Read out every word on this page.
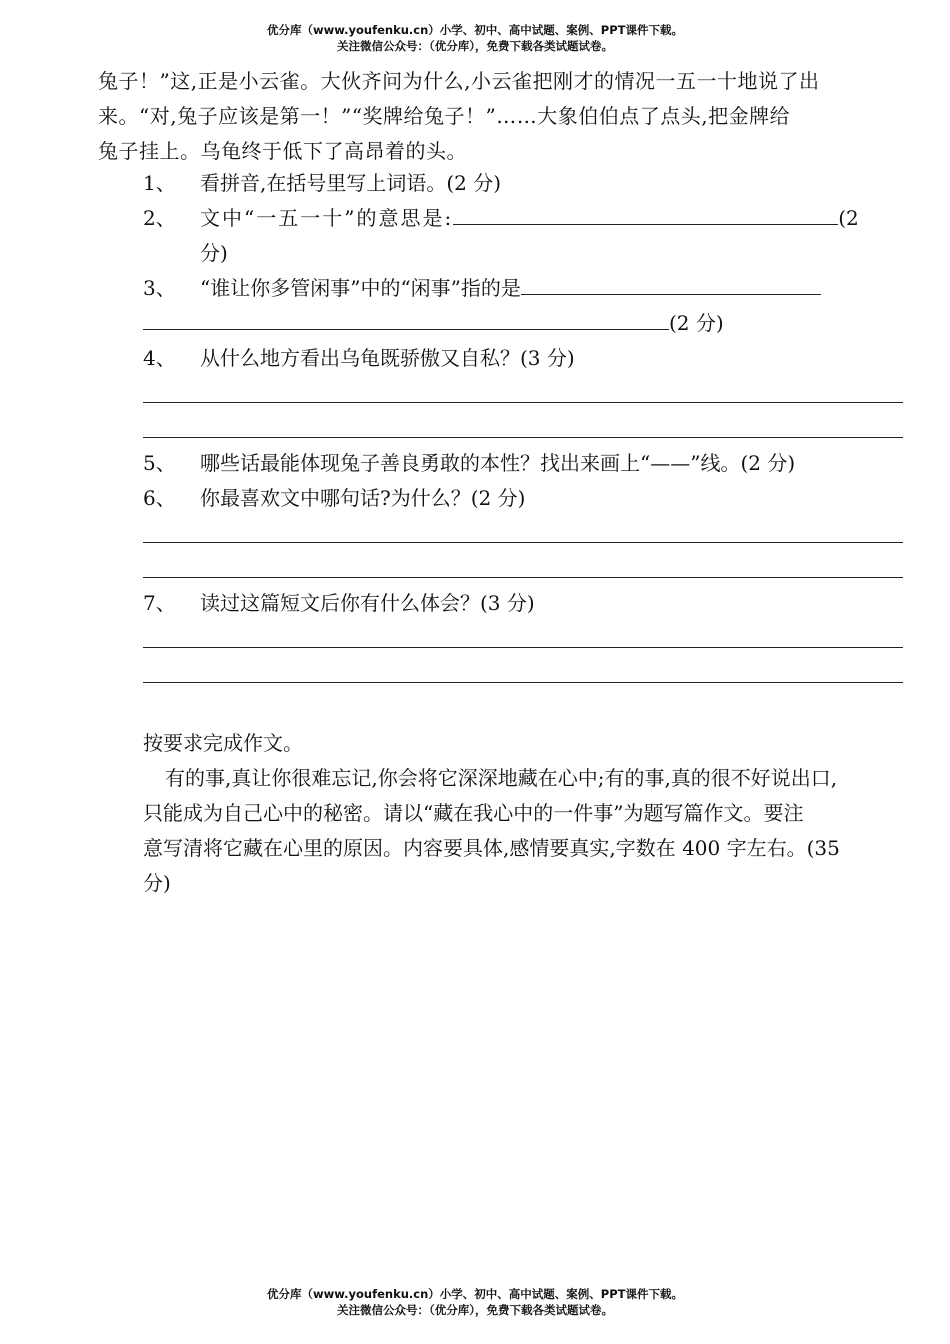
优分库（www.youfenku.cn）小学、初中、高中试题、案例、PPT课件下载。
关注微信公众号：（优分库），免费下载各类试题试卷。

兔子！”这,正是小云雀。大伙齐问为什么,小云雀把刚才的情况一五一十地说了出

来。“对,兔子应该是第一！”“奖牌给兔子！”……大象伯伯点了点头,把金牌给

兔子挂上。乌龟终于低下了高昂着的头。

1、 看拼音,在括号里写上词语。(2 分)
2、 文中“一五一十”的意思是:	(2
分)
3、 “谁让你多管闲事”中的“闲事”指的是
(2 分)
4、 从什么地方看出乌龟既骄傲又自私？(3 分)
5、 哪些话最能体现兔子善良勇敢的本性？找出来画上“——”线。(2 分)
6、 你最喜欢文中哪句话?为什么？(2 分)
7、 读过这篇短文后你有什么体会？(3 分)

按要求完成作文。

有的事,真让你很难忘记,你会将它深深地藏在心中;有的事,真的很不好说出口,

只能成为自己心中的秘密。请以“藏在我心中的一件事”为题写篇作文。要注

意写清将它藏在心里的原因。内容要具体,感情要真实,字数在 400 字左右。(35

分)

优分库（www.youfenku.cn）小学、初中、高中试题、案例、PPT课件下载。
关注微信公众号：（优分库），免费下载各类试题试卷。
